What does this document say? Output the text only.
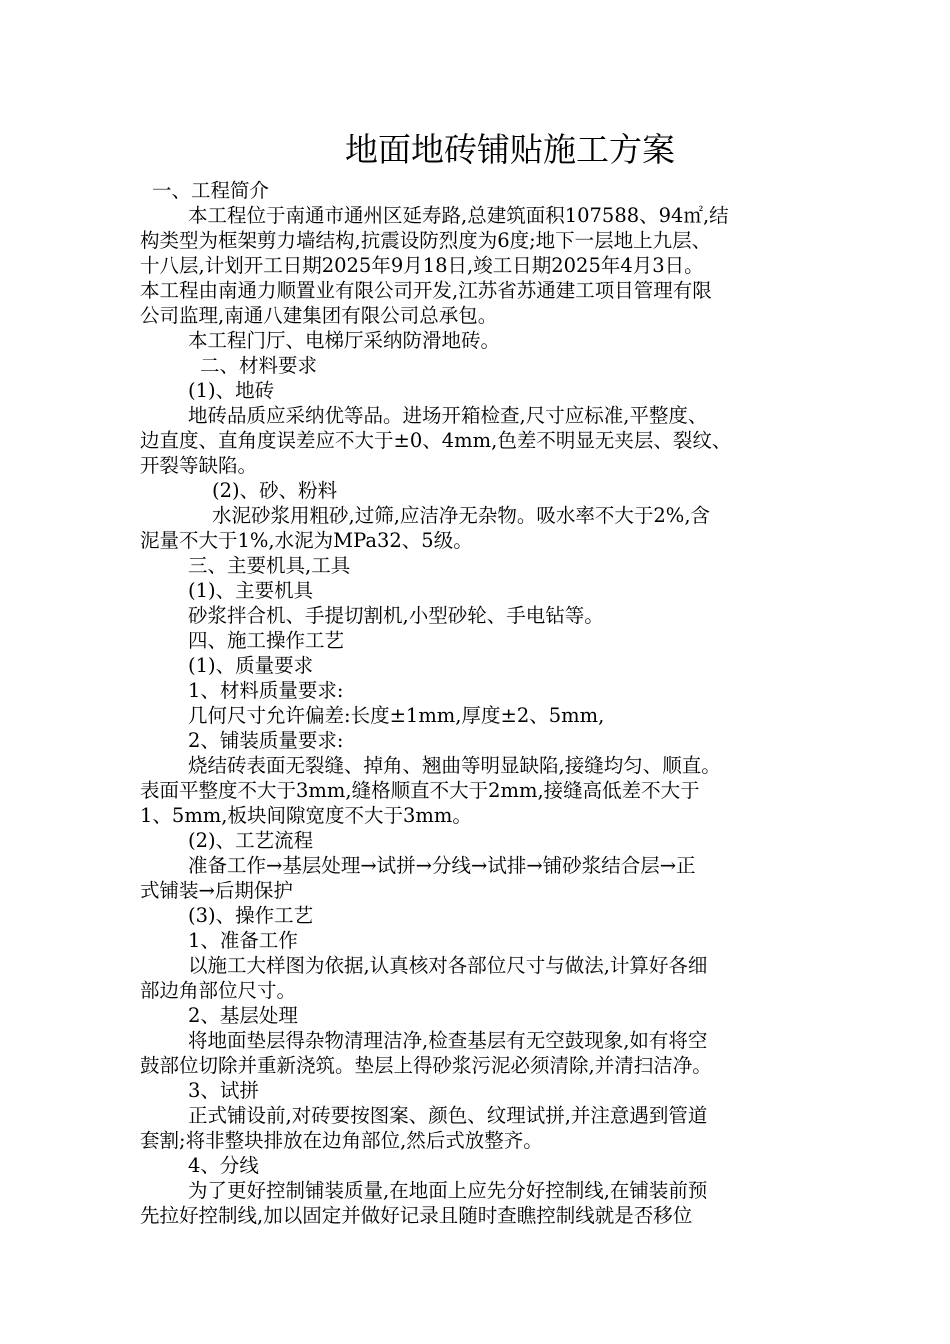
地面地砖铺贴施工方案
一、工程简介
本工程位于南通市通州区延寿路,总建筑面积107588、94㎡,结
构类型为框架剪力墙结构,抗震设防烈度为6度;地下一层地上九层、
十八层,计划开工日期2025年9月18日,竣工日期2025年4月3日。
本工程由南通力顺置业有限公司开发,江苏省苏通建工项目管理有限
公司监理,南通八建集团有限公司总承包。
本工程门厅、电梯厅采纳防滑地砖。
二、材料要求
(1)、地砖
地砖品质应采纳优等品。进场开箱检查,尺寸应标准,平整度、
边直度、直角度误差应不大于±0、4mm,色差不明显无夹层、裂纹、
开裂等缺陷。
(2)、砂、粉料
水泥砂浆用粗砂,过筛,应洁净无杂物。吸水率不大于2%,含
泥量不大于1%,水泥为MPa32、5级。
三、主要机具,工具
(1)、主要机具
砂浆拌合机、手提切割机,小型砂轮、手电钻等。
四、施工操作工艺
(1)、质量要求
1、材料质量要求:
几何尺寸允许偏差:长度±1mm,厚度±2、5mm,
2、铺装质量要求:
烧结砖表面无裂缝、掉角、翘曲等明显缺陷,接缝均匀、顺直。
表面平整度不大于3mm,缝格顺直不大于2mm,接缝高低差不大于
1、5mm,板块间隙宽度不大于3mm。
(2)、工艺流程
准备工作→基层处理→试拼→分线→试排→铺砂浆结合层→正
式铺装→后期保护
(3)、操作工艺
1、准备工作
以施工大样图为依据,认真核对各部位尺寸与做法,计算好各细
部边角部位尺寸。
2、基层处理
将地面垫层得杂物清理洁净,检查基层有无空鼓现象,如有将空
鼓部位切除并重新浇筑。垫层上得砂浆污泥必须清除,并清扫洁净。
3、试拼
正式铺设前,对砖要按图案、颜色、纹理试拼,并注意遇到管道
套割;将非整块排放在边角部位,然后式放整齐。
4、分线
为了更好控制铺装质量,在地面上应先分好控制线,在铺装前预
先拉好控制线,加以固定并做好记录且随时查瞧控制线就是否移位
